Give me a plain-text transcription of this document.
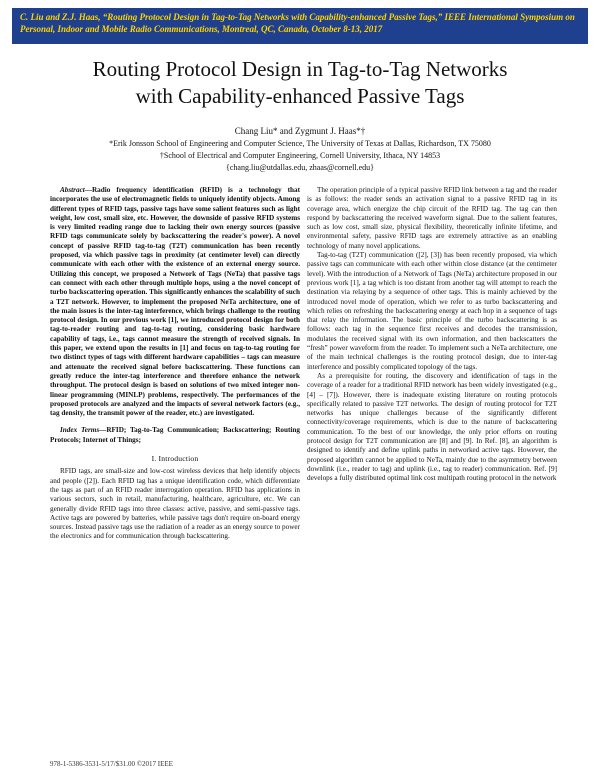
C. Liu and Z.J. Haas, “Routing Protocol Design in Tag-to-Tag Networks with Capability-enhanced Passive Tags,” IEEE International Symposium on Personal, Indoor and Mobile Radio Communications, Montreal, QC, Canada, October 8-13, 2017
Routing Protocol Design in Tag-to-Tag Networks
with Capability-enhanced Passive Tags
Chang Liu* and Zygmunt J. Haas*†
*Erik Jonsson School of Engineering and Computer Science, The University of Texas at Dallas, Richardson, TX 75080
†School of Electrical and Computer Engineering, Cornell University, Ithaca, NY 14853
{chang.liu@utdallas.edu, zhaas@cornell.edu}

Abstract—Radio frequency identification (RFID) is a technology that incorporates the use of electromagnetic fields to uniquely identify objects. Among different types of RFID tags, passive tags have some salient features such as light weight, low cost, small size, etc. However, the downside of passive RFID systems is very limited reading range due to lacking their own energy sources (passive RFID tags communicate solely by backscattering the reader's power). A novel concept of passive RFID tag-to-tag (T2T) communication has been recently proposed, via which passive tags in proximity (at centimeter level) can directly communicate with each other with the existence of an external energy source. Utilizing this concept, we proposed a Network of Tags (NeTa) that passive tags can connect with each other through multiple hops, using a the novel concept of turbo backscattering operation. This significantly enhances the scalability of such a T2T network. However, to implement the proposed NeTa architecture, one of the main issues is the inter-tag interference, which brings challenge to the routing protocol design. In our previous work [1], we introduced protocol design for both tag-to-reader routing and tag-to-tag routing, considering basic hardware capability of tags, i.e., tags cannot measure the strength of received signals. In this paper, we extend upon the results in [1] and focus on tag-to-tag routing for two distinct types of tags with different hardware capabilities – tags can measure and attenuate the received signal before backscattering. These functions can greatly reduce the inter-tag interference and therefore enhance the network throughput. The protocol design is based on solutions of two mixed integer non-linear programming (MINLP) problems, respectively. The performances of the proposed protocols are analyzed and the impacts of several network factors (e.g., tag density, the transmit power of the reader, etc.) are investigated.

Index Terms—RFID; Tag-to-Tag Communication; Backscattering; Routing Protocols; Internet of Things;

I. Introduction

RFID tags, are small-size and low-cost wireless devices that help identify objects and people ([2]). Each RFID tag has a unique identification code, which differentiate the tags as part of an RFID reader interrogation operation. RFID has applications in various sectors, such in retail, manufacturing, healthcare, agriculture, etc. We can generally divide RFID tags into three classes: active, passive, and semi-passive tags. Active tags are powered by batteries, while passive tags don't require on-board energy sources. Instead passive tags use the radiation of a reader as an energy source to power the electronics and for communication through backscattering.

The operation principle of a typical passive RFID link between a tag and the reader is as follows: the reader sends an activation signal to a passive RFID tag in its coverage area, which energize the chip circuit of the RFID tag. The tag can then respond by backscattering the received waveform signal. Due to the salient features, such as low cost, small size, physical flexibility, theoretically infinite lifetime, and environmental safety, passive RFID tags are extremely attractive as an enabling technology of many novel applications.

Tag-to-tag (T2T) communication ([2], [3]) has been recently proposed, via which passive tags can communicate with each other within close distance (at the centimeter level). With the introduction of a Network of Tags (NeTa) architecture proposed in our previous work [1], a tag which is too distant from another tag will attempt to reach the destination via relaying by a sequence of other tags. This is mainly achieved by the introduced novel mode of operation, which we refer to as turbo backscattering and which relies on refreshing the backscattering energy at each hop in a sequence of tags that relay the information. The basic principle of the turbo backscattering is as follows: each tag in the sequence first receives and decodes the transmission, modulates the received signal with its own information, and then backscatters the “fresh” power waveform from the reader. To implement such a NeTa architecture, one of the main technical challenges is the routing protocol design, due to inter-tag interference and possibly complicated topology of the tags.

As a prerequisite for routing, the discovery and identification of tags in the coverage of a reader for a traditional RFID network has been widely investigated (e.g., [4] – [7]). However, there is inadequate existing literature on routing protocols specifically related to passive T2T networks. The design of routing protocol for T2T networks has unique challenges because of the significantly different connectivity/coverage requirements, which is due to the nature of backscattering communication. To the best of our knowledge, the only prior efforts on routing protocol design for T2T communication are [8] and [9]. In Ref. [8], an algorithm is designed to identify and define uplink paths in networked active tags. However, the proposed algorithm cannot be applied to NeTa, mainly due to the asymmetry between downlink (i.e., reader to tag) and uplink (i.e., tag to reader) communication. Ref. [9] develops a fully distributed optimal link cost multipath routing protocol in the network

978-1-5386-3531-5/17/$31.00 ©2017 IEEE
